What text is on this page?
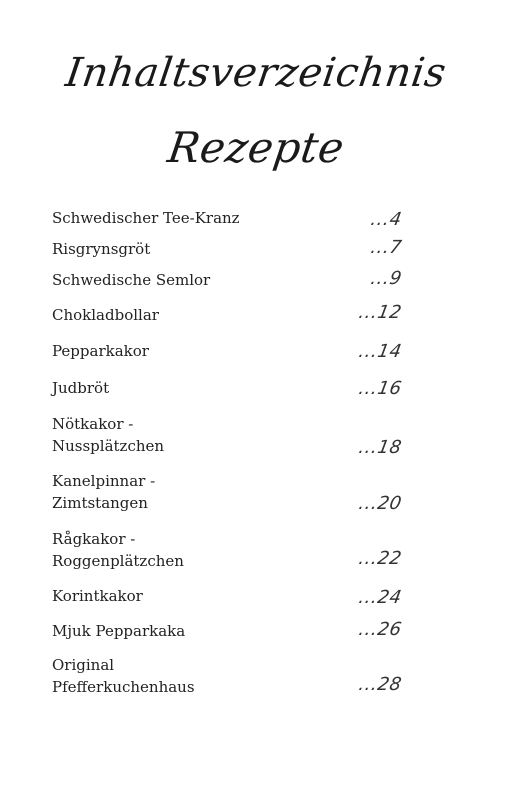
Inhaltsverzeichnis
Rezepte
Schwedischer Tee-Kranz	...4
Risgrynsgröt	...7
Schwedische Semlor	...9
Chokladbollar	...12
Pepparkakor	...14
Judbröt	...16
Nötkakor - Nussplätzchen	...18
Kanelpinnar - Zimtstangen	...20
Rågkakor - Roggenplätzchen	...22
Korintkakor	...24
Mjuk Pepparkaka	...26
Original Pfefferkuchenhaus	...28
